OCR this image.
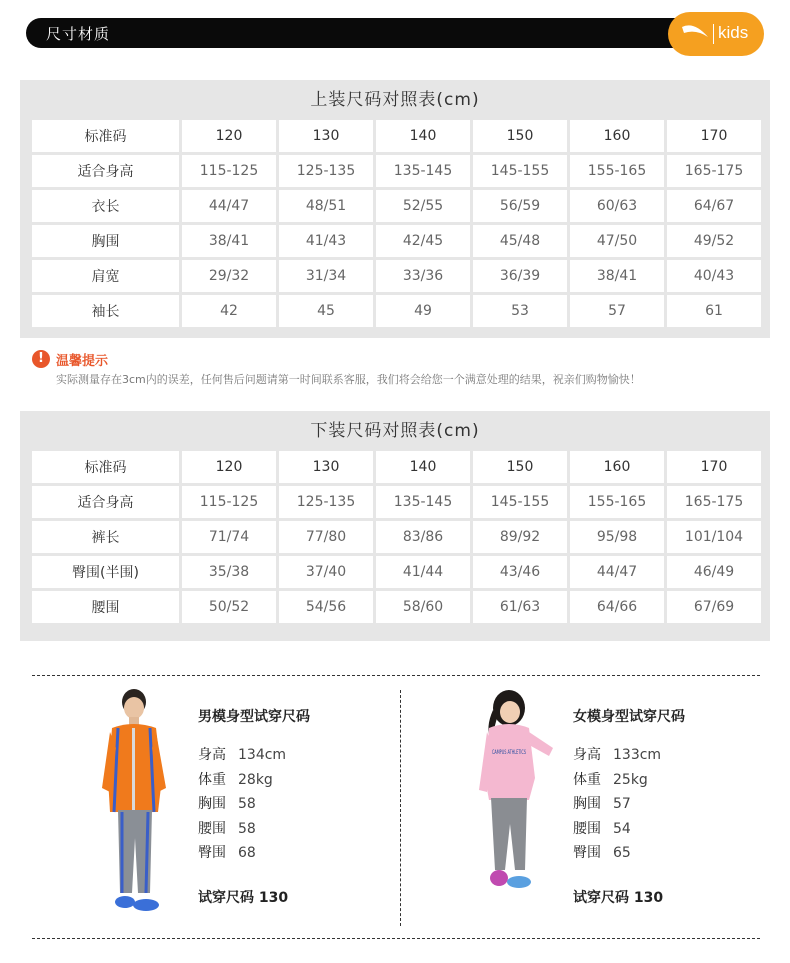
尺寸材质	kids
上装尺码对照表(cm)
标准码	120	130	140	150	160	170
适合身高	115-125	125-135	135-145	145-155	155-165	165-175
衣长	44/47	48/51	52/55	56/59	60/63	64/67
胸围	38/41	41/43	42/45	45/48	47/50	49/52
肩宽	29/32	31/34	33/36	36/39	38/41	40/43
袖长	42	45	49	53	57	61
! 温馨提示
实际测量存在3cm内的误差，任何售后问题请第一时间联系客服，我们将会给您一个满意处理的结果，祝亲们购物愉快！
下装尺码对照表(cm)
标准码	120	130	140	150	160	170
适合身高	115-125	125-135	135-145	145-155	155-165	165-175
裤长	71/74	77/80	83/86	89/92	95/98	101/104
臀围(半围)	35/38	37/40	41/44	43/46	44/47	46/49
腰围	50/52	54/56	58/60	61/63	64/66	67/69
男模身型试穿尺码
身高 134cm
体重 28kg
胸围 58
腰围 58
臀围 68
试穿尺码 130
CAMPUS ATHLETICS
女模身型试穿尺码
身高 133cm
体重 25kg
胸围 57
腰围 54
臀围 65
试穿尺码 130
